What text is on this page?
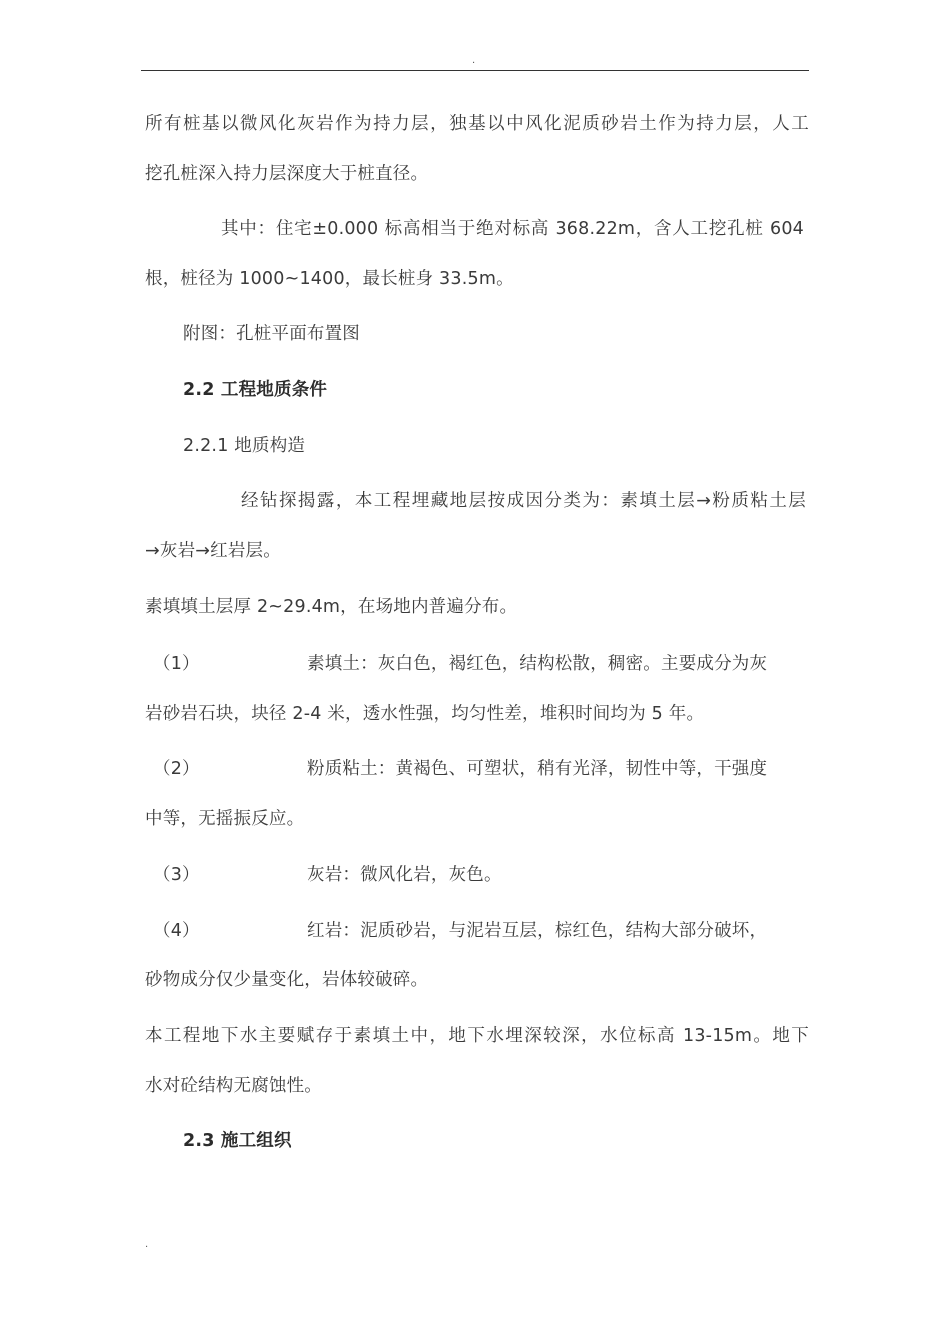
.
所有桩基以微风化灰岩作为持力层，独基以中风化泥质砂岩土作为持力层，人工
挖孔桩深入持力层深度大于桩直径。
其中：住宅±0.000 标高相当于绝对标高 368.22m，含人工挖孔桩 604
根，桩径为 1000~1400，最长桩身 33.5m。
附图：孔桩平面布置图
2.2 工程地质条件
2.2.1 地质构造
经钻探揭露，本工程埋藏地层按成因分类为：素填土层→粉质粘土层
→灰岩→红岩层。
素填填土层厚 2~29.4m，在场地内普遍分布。
（1）	素填土：灰白色，褐红色，结构松散，稠密。主要成分为灰
岩砂岩石块，块径 2-4 米，透水性强，均匀性差，堆积时间均为 5 年。
（2）	粉质粘土：黄褐色、可塑状，稍有光泽，韧性中等，干强度
中等，无摇振反应。
（3）	灰岩：微风化岩，灰色。
（4）	红岩：泥质砂岩，与泥岩互层，棕红色，结构大部分破坏，
砂物成分仅少量变化，岩体较破碎。
本工程地下水主要赋存于素填土中，地下水埋深较深，水位标高 13-15m。地下
水对砼结构无腐蚀性。
2.3 施工组织
.
